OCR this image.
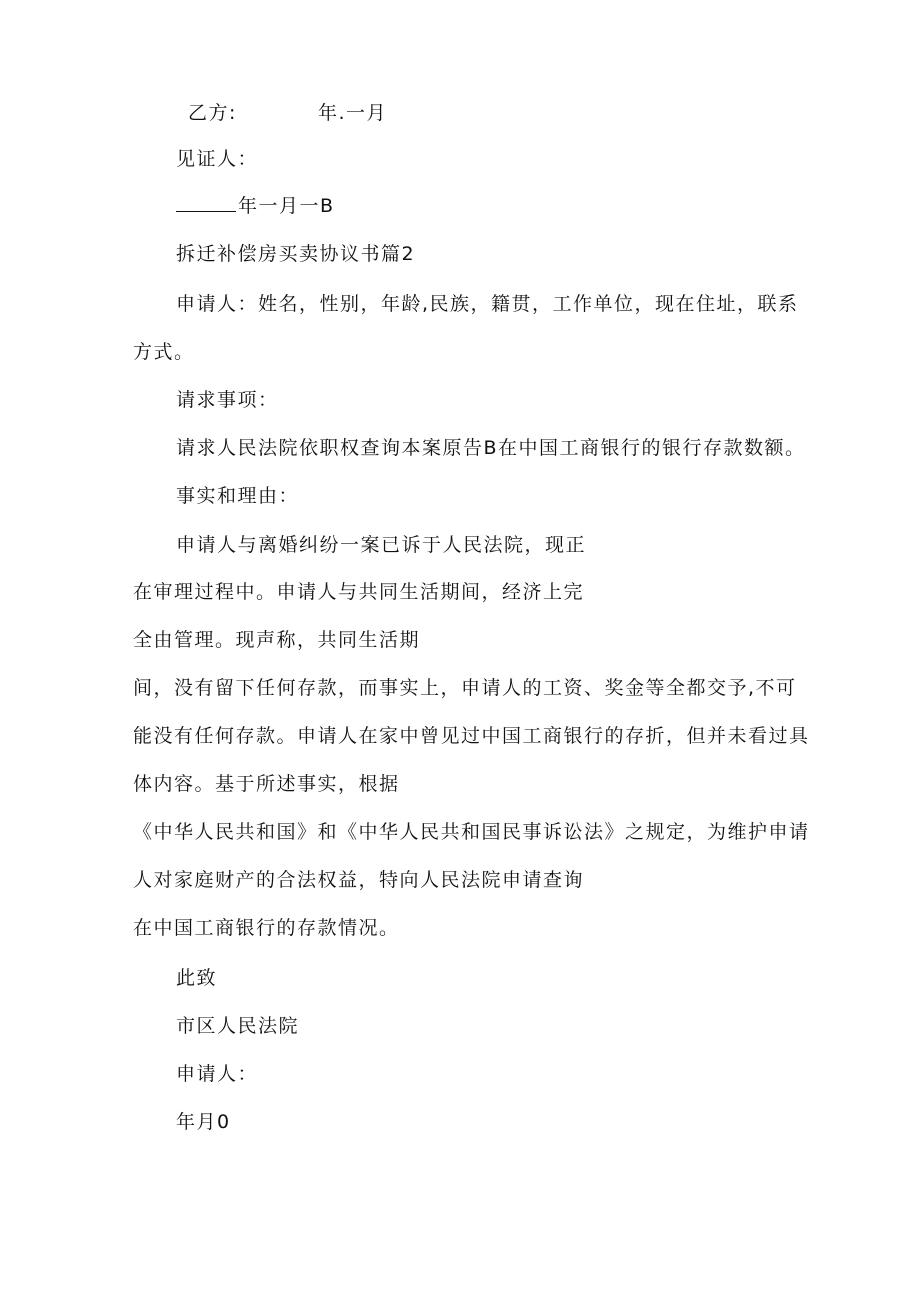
乙方:	年.一月
见证人：
年一月一B
拆迁补偿房买卖协议书篇2
申请人：姓名，性别，年龄,民族，籍贯，工作单位，现在住址，联系
方式。
请求事项：
请求人民法院依职权查询本案原告B在中国工商银行的银行存款数额。
事实和理由：
申请人与离婚纠纷一案已诉于人民法院，现正
在审理过程中。申请人与共同生活期间，经济上完
全由管理。现声称，共同生活期
间，没有留下任何存款，而事实上，申请人的工资、奖金等全都交予,不可
能没有任何存款。申请人在家中曾见过中国工商银行的存折，但并未看过具
体内容。基于所述事实，根据
《中华人民共和国》和《中华人民共和国民事诉讼法》之规定，为维护申请
人对家庭财产的合法权益，特向人民法院申请查询
在中国工商银行的存款情况。
此致
市区人民法院
申请人：
年月0
